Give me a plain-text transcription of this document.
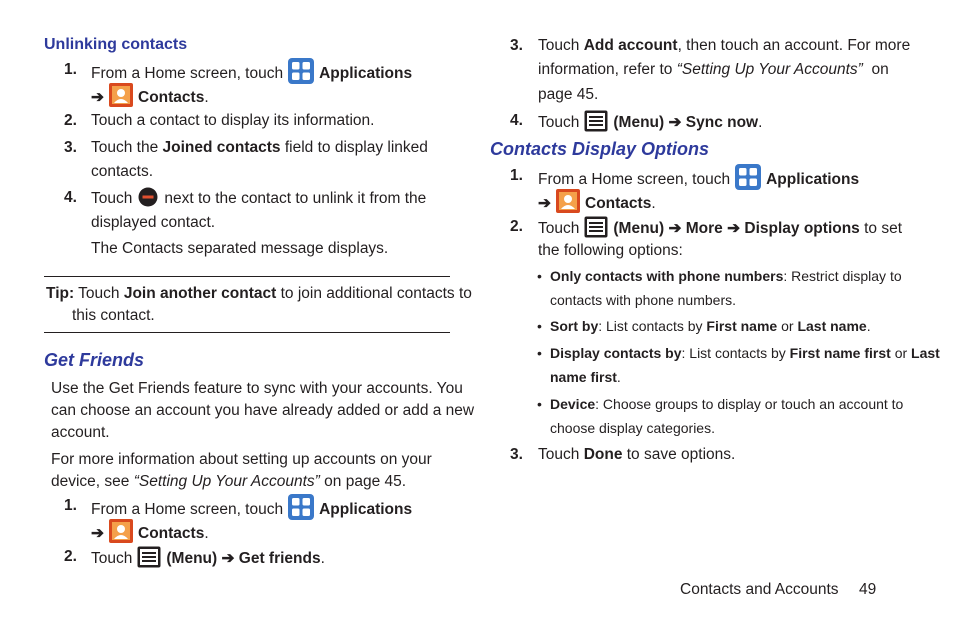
Unlinking contacts
1. From a Home screen, touch Applications
➔ Contacts.
2. Touch a contact to display its information.
3. Touch the Joined contacts field to display linked
contacts.
4. Touch next to the contact to unlink it from the
displayed contact.
The Contacts separated message displays.
Tip: Touch Join another contact to join additional contacts to
this contact.
Get Friends
Use the Get Friends feature to sync with your accounts. You
can choose an account you have already added or add a new
account.
For more information about setting up accounts on your
device, see “Setting Up Your Accounts” on page 45.
1. From a Home screen, touch Applications
➔ Contacts.
2. Touch (Menu) ➔ Get friends.
3. Touch Add account, then touch an account. For more
information, refer to “Setting Up Your Accounts” on
page 45.
4. Touch (Menu) ➔ Sync now.
Contacts Display Options
1. From a Home screen, touch Applications
➔ Contacts.
2. Touch (Menu) ➔ More ➔ Display options to set
the following options:
• Only contacts with phone numbers: Restrict display to
contacts with phone numbers.
• Sort by: List contacts by First name or Last name.
• Display contacts by: List contacts by First name first or Last
name first.
• Device: Choose groups to display or touch an account to
choose display categories.
3. Touch Done to save options.
Contacts and Accounts 49
